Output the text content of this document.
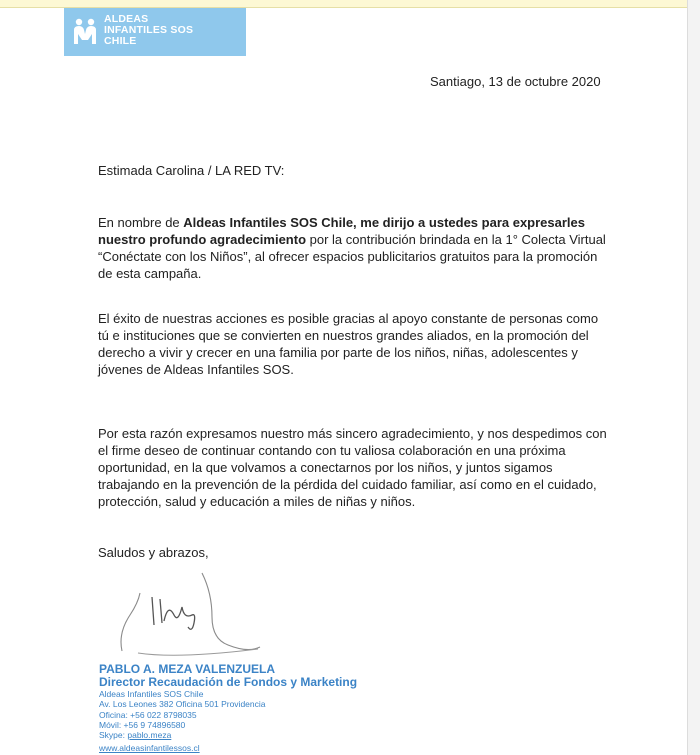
ALDEAS
INFANTILES SOS
CHILE
Santiago, 13 de octubre 2020
Estimada Carolina / LA RED TV:

En nombre de Aldeas Infantiles SOS Chile, me dirijo a ustedes para expresarles nuestro profundo agradecimiento por la contribución brindada en la 1° Colecta Virtual “Conéctate con los Niños”, al ofrecer espacios publicitarios gratuitos para la promoción de esta campaña.

El éxito de nuestras acciones es posible gracias al apoyo constante de personas como tú e instituciones que se convierten en nuestros grandes aliados, en la promoción del derecho a vivir y crecer en una familia por parte de los niños, niñas, adolescentes y jóvenes de Aldeas Infantiles SOS.

Por esta razón expresamos nuestro más sincero agradecimiento, y nos despedimos con el firme deseo de continuar contando con tu valiosa colaboración en una próxima oportunidad, en la que volvamos a conectarnos por los niños, y juntos sigamos trabajando en la prevención de la pérdida del cuidado familiar, así como en el cuidado, protección, salud y educación a miles de niñas y niños.

Saludos y abrazos,
PABLO A. MEZA VALENZUELA
Director Recaudación de Fondos y Marketing
Aldeas Infantiles SOS Chile
Av. Los Leones 382 Oficina 501 Providencia
Oficina: +56 022 8798035
Móvil: +56 9 74896580
Skype: pablo.meza
www.aldeasinfantilessos.cl
